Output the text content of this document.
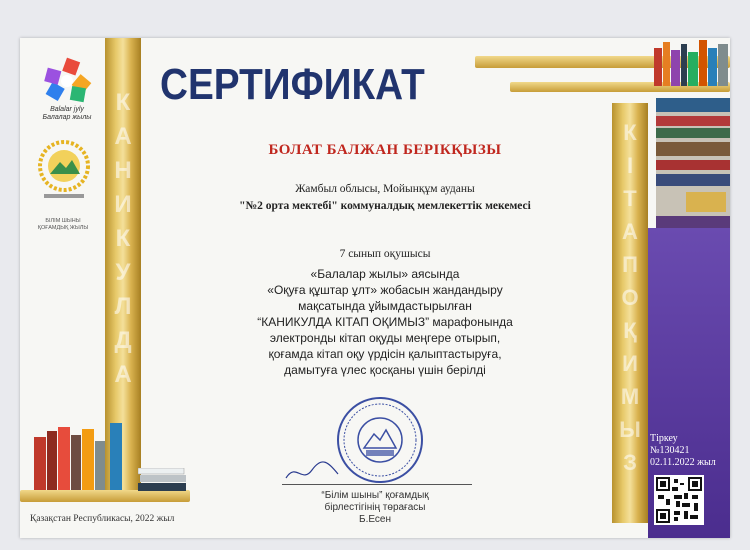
Balalar jyly
Балалар жылы
БІЛІМ ШЫНЫ
ҚОҒАМДЫҚ ЖЫЛЫ
К
А
Н
И
К
У
Л
Д
А
К
І
Т
А
П
О
Қ
И
М
Ы
З
СЕРТИФИКАТ
БОЛАТ БАЛЖАН БЕРІКҚЫЗЫ
Жамбыл облысы, Мойынқұм ауданы
"№2 орта мектебі" коммуналдық мемлекеттік мекемесі
7 сынып оқушысы
«Балалар жылы» аясында
«Оқуға құштар ұлт» жобасын жандандыру
мақсатында ұйымдастырылған
“КАНИКУЛДА КІТАП ОҚИМЫЗ” марафонында
электронды кітап оқуды меңгере отырып,
қоғамда кітап оқу үрдісін қалыптастыруға,
дамытуға үлес қосқаны үшін берілді
“Білім шыны” қоғамдық
бірлестігінің төрағасы
Б.Есен
Қазақстан Республикасы, 2022 жыл
Тіркеу
№130421
02.11.2022 жыл
